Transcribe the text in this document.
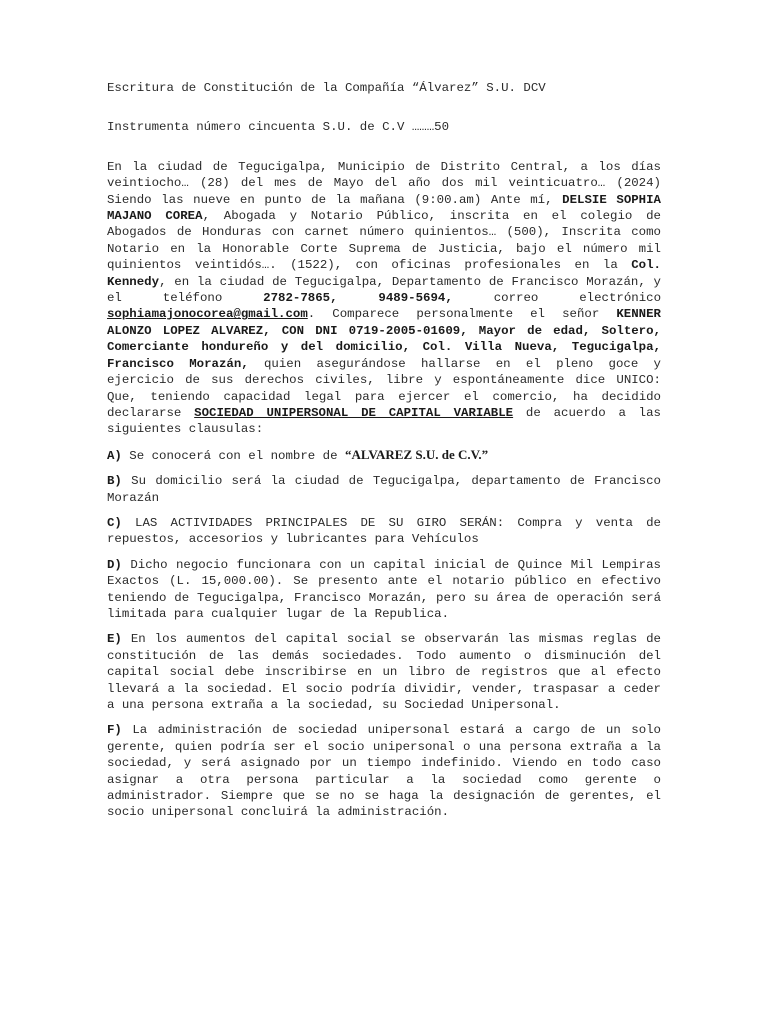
Escritura de Constitución de la Compañía “Álvarez” S.U. DCV

Instrumenta número cincuenta S.U. de C.V ………50

En la ciudad de Tegucigalpa, Municipio de Distrito Central, a los días veintiocho… (28) del mes de Mayo del año dos mil veinticuatro… (2024) Siendo las nueve en punto de la mañana (9:00.am) Ante mí, DELSIE SOPHIA MAJANO COREA, Abogada y Notario Público, inscrita en el colegio de Abogados de Honduras con carnet número quinientos… (500), Inscrita como Notario en la Honorable Corte Suprema de Justicia, bajo el número mil quinientos veintidós…. (1522), con oficinas profesionales en la Col. Kennedy, en la ciudad de Tegucigalpa, Departamento de Francisco Morazán, y el teléfono 2782-7865, 9489-5694, correo electrónico sophiamajonocorea@gmail.com. Comparece personalmente el señor KENNER ALONZO LOPEZ ALVAREZ, CON DNI 0719-2005-01609, Mayor de edad, Soltero, Comerciante hondureño y del domicilio, Col. Villa Nueva, Tegucigalpa, Francisco Morazán, quien asegurándose hallarse en el pleno goce y ejercicio de sus derechos civiles, libre y espontáneamente dice UNICO: Que, teniendo capacidad legal para ejercer el comercio, ha decidido declararse SOCIEDAD UNIPERSONAL DE CAPITAL VARIABLE de acuerdo a las siguientes clausulas:

A) Se conocerá con el nombre de “ALVAREZ S.U. de C.V.”

B) Su domicilio será la ciudad de Tegucigalpa, departamento de Francisco Morazán

C) LAS ACTIVIDADES PRINCIPALES DE SU GIRO SERÁN: Compra y venta de repuestos, accesorios y lubricantes para Vehículos

D) Dicho negocio funcionara con un capital inicial de Quince Mil Lempiras Exactos (L. 15,000.00). Se presento ante el notario público en efectivo teniendo de Tegucigalpa, Francisco Morazán, pero su área de operación será limitada para cualquier lugar de la Republica.

E) En los aumentos del capital social se observarán las mismas reglas de constitución de las demás sociedades. Todo aumento o disminución del capital social debe inscribirse en un libro de registros que al efecto llevará a la sociedad. El socio podría dividir, vender, traspasar a ceder a una persona extraña a la sociedad, su Sociedad Unipersonal.

F) La administración de sociedad unipersonal estará a cargo de un solo gerente, quien podría ser el socio unipersonal o una persona extraña a la sociedad, y será asignado por un tiempo indefinido. Viendo en todo caso asignar a otra persona particular a la sociedad como gerente o administrador. Siempre que se no se haga la designación de gerentes, el socio unipersonal concluirá la administración.
